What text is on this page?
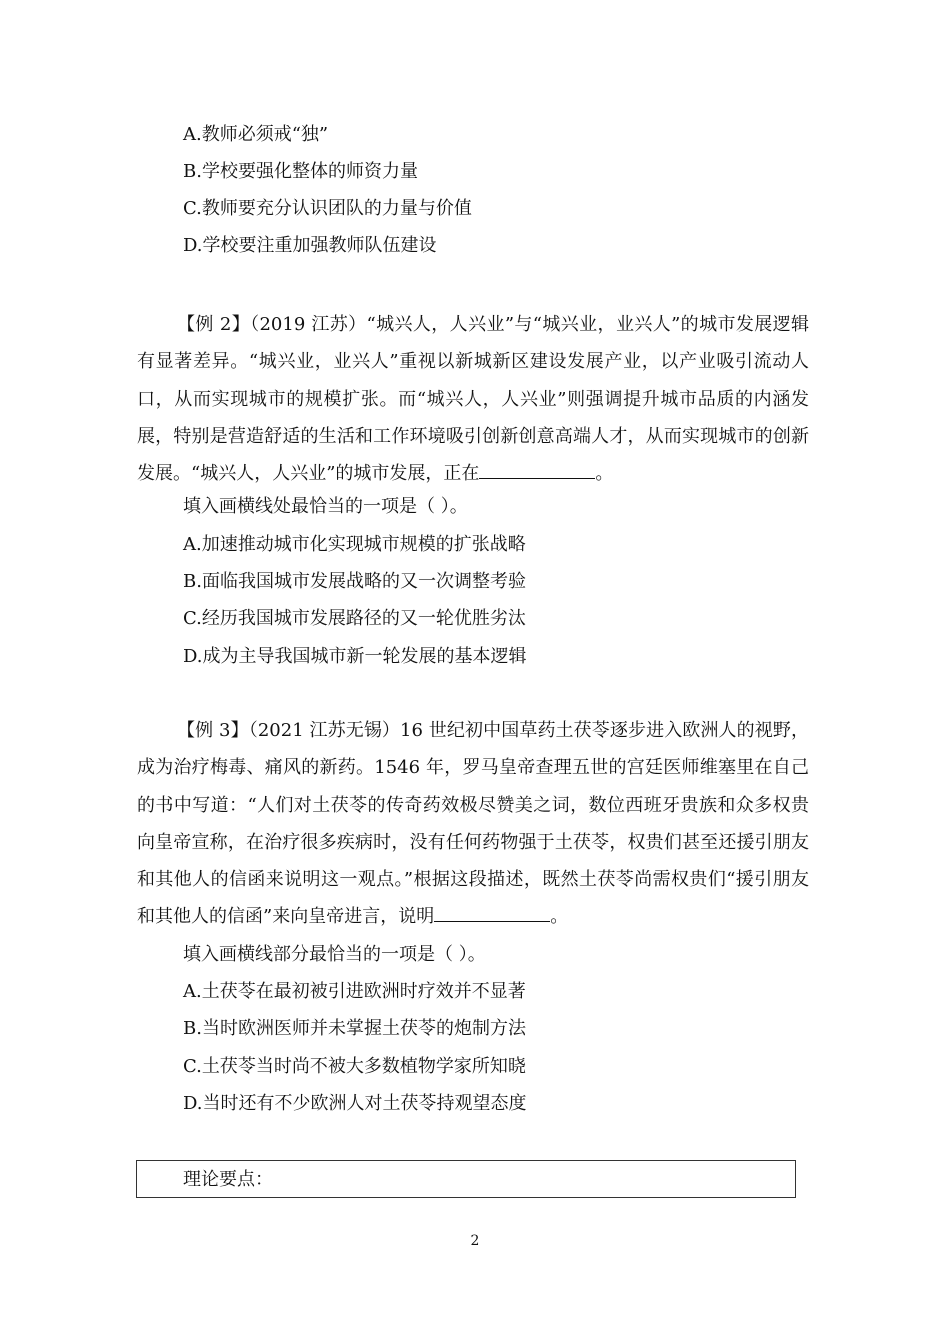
A.教师必须戒“独”
B.学校要强化整体的师资力量
C.教师要充分认识团队的力量与价值
D.学校要注重加强教师队伍建设
【例 2】（2019 江苏）“城兴人，人兴业”与“城兴业，业兴人”的城市发展逻辑有显著差异。“城兴业，业兴人”重视以新城新区建设发展产业，以产业吸引流动人口，从而实现城市的规模扩张。而“城兴人，人兴业”则强调提升城市品质的内涵发展，特别是营造舒适的生活和工作环境吸引创新创意高端人才，从而实现城市的创新发展。“城兴人，人兴业”的城市发展，正在	。
填入画横线处最恰当的一项是（ ）。
A.加速推动城市化实现城市规模的扩张战略
B.面临我国城市发展战略的又一次调整考验
C.经历我国城市发展路径的又一轮优胜劣汰
D.成为主导我国城市新一轮发展的基本逻辑
【例 3】（2021 江苏无锡）16 世纪初中国草药土茯苓逐步进入欧洲人的视野，成为治疗梅毒、痛风的新药。1546 年，罗马皇帝查理五世的宫廷医师维塞里在自己的书中写道：“人们对土茯苓的传奇药效极尽赞美之词，数位西班牙贵族和众多权贵向皇帝宣称，在治疗很多疾病时，没有任何药物强于土茯苓，权贵们甚至还援引朋友和其他人的信函来说明这一观点。”根据这段描述，既然土茯苓尚需权贵们“援引朋友和其他人的信函”来向皇帝进言，说明	。
填入画横线部分最恰当的一项是（ ）。
A.土茯苓在最初被引进欧洲时疗效并不显著
B.当时欧洲医师并未掌握土茯苓的炮制方法
C.土茯苓当时尚不被大多数植物学家所知晓
D.当时还有不少欧洲人对土茯苓持观望态度
理论要点：
2
